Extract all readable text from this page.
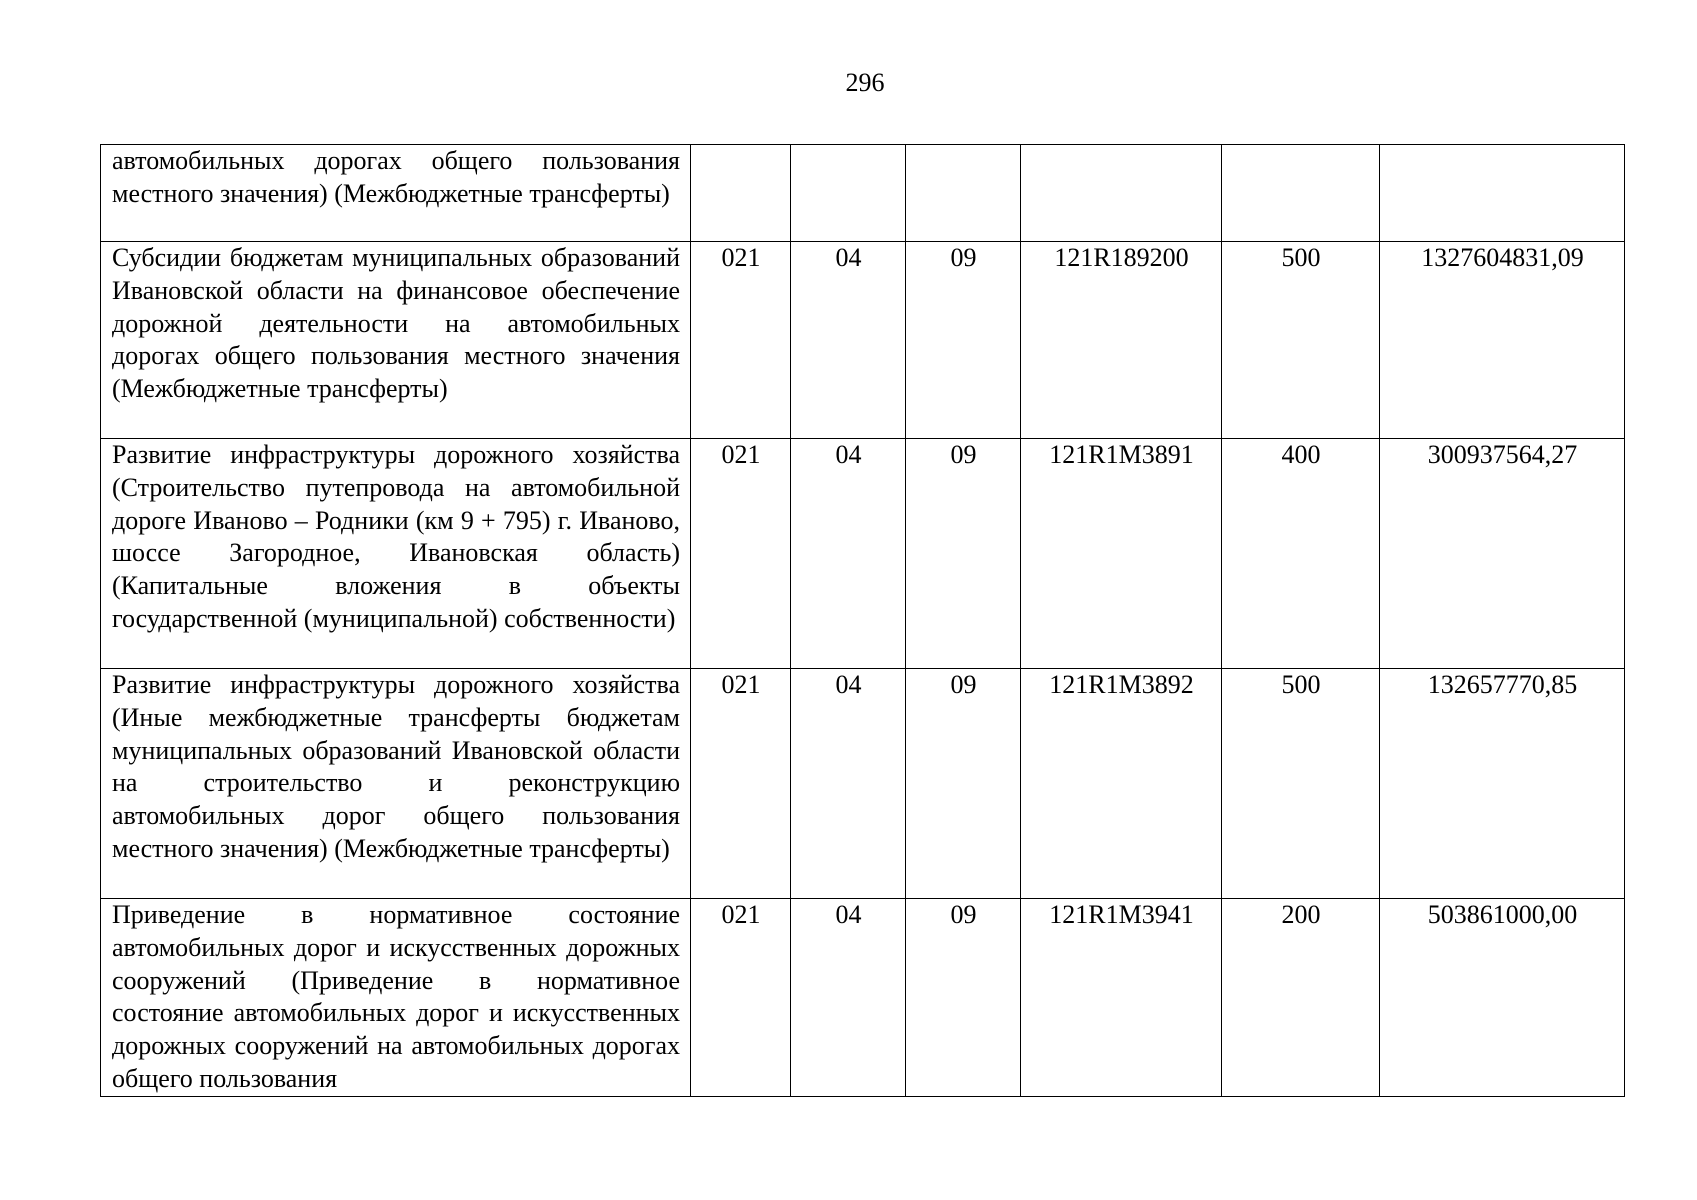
296
автомобильных дорогах общего пользования местного значения) (Межбюджетные трансферты)						
Субсидии бюджетам муниципальных образований Ивановской области на финансовое обеспечение дорожной деятельности на автомобильных дорогах общего пользования местного значения (Межбюджетные трансферты)	021	04	09	121R189200	500	1327604831,09
Развитие инфраструктуры дорожного хозяйства (Строительство путепровода на автомобильной дороге Иваново – Родники (км 9 + 795) г. Иваново, шоссе Загородное, Ивановская область) (Капитальные вложения в объекты государственной (муниципальной) собственности)	021	04	09	121R1M3891	400	300937564,27
Развитие инфраструктуры дорожного хозяйства (Иные межбюджетные трансферты бюджетам муниципальных образований Ивановской области на строительство и реконструкцию автомобильных дорог общего пользования местного значения) (Межбюджетные трансферты)	021	04	09	121R1M3892	500	132657770,85
Приведение в нормативное состояние автомобильных дорог и искусственных дорожных сооружений (Приведение в нормативное состояние автомобильных дорог и искусственных дорожных сооружений на автомобильных дорогах общего пользования	021	04	09	121R1M3941	200	503861000,00
